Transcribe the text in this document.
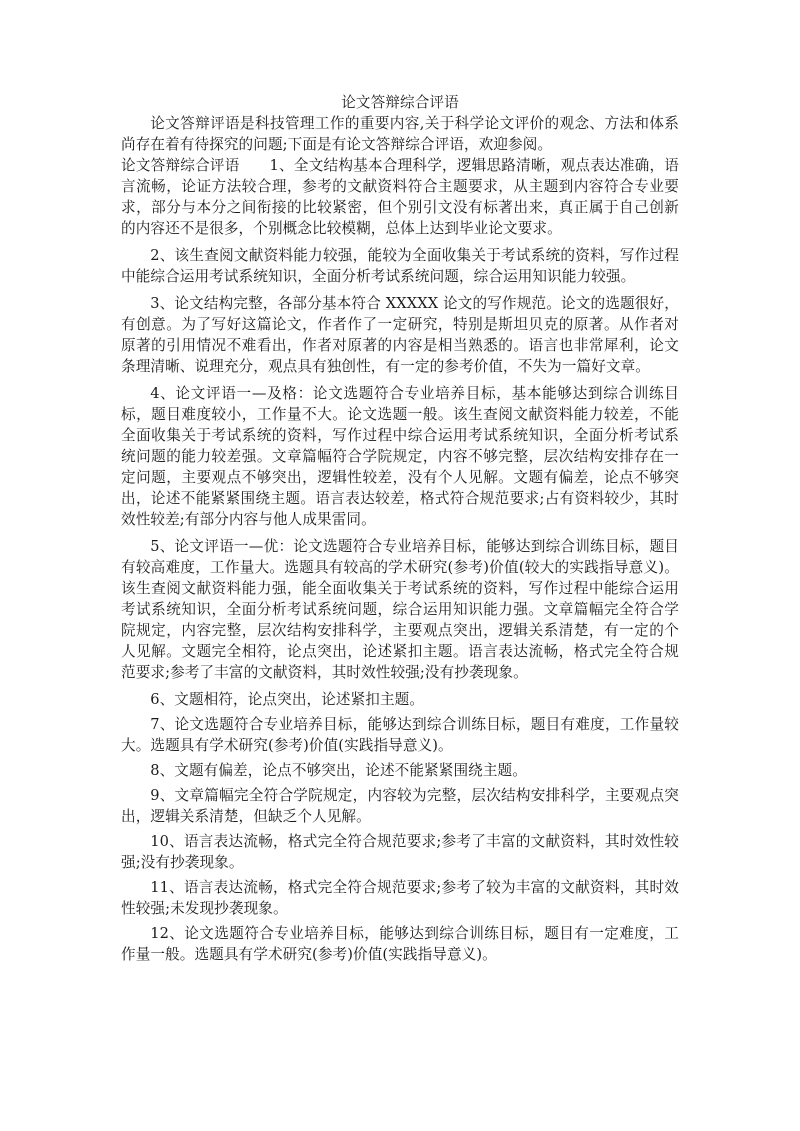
论文答辩综合评语
论文答辩评语是科技管理工作的重要内容,关于科学论文评价的观念、方法和体系尚存在着有待探究的问题;下面是有论文答辩综合评语，欢迎参阅。
论文答辩综合评语 1、全文结构基本合理科学，逻辑思路清晰，观点表达准确，语言流畅，论证方法较合理，参考的文献资料符合主题要求，从主题到内容符合专业要求，部分与本分之间衔接的比较紧密，但个别引文没有标著出来，真正属于自己创新的内容还不是很多，个别概念比较模糊，总体上达到毕业论文要求。
2、该生查阅文献资料能力较强，能较为全面收集关于考试系统的资料，写作过程中能综合运用考试系统知识，全面分析考试系统问题，综合运用知识能力较强。
3、论文结构完整，各部分基本符合 XXXXX 论文的写作规范。论文的选题很好，有创意。为了写好这篇论文，作者作了一定研究，特别是斯坦贝克的原著。从作者对原著的引用情况不难看出，作者对原著的内容是相当熟悉的。语言也非常犀利，论文条理清晰、说理充分，观点具有独创性，有一定的参考价值，不失为一篇好文章。
4、论文评语一—及格：论文选题符合专业培养目标，基本能够达到综合训练目标，题目难度较小，工作量不大。论文选题一般。该生查阅文献资料能力较差，不能全面收集关于考试系统的资料，写作过程中综合运用考试系统知识，全面分析考试系统问题的能力较差强。文章篇幅符合学院规定，内容不够完整，层次结构安排存在一定问题，主要观点不够突出，逻辑性较差，没有个人见解。文题有偏差，论点不够突出，论述不能紧紧围绕主题。语言表达较差，格式符合规范要求;占有资料较少，其时效性较差;有部分内容与他人成果雷同。
5、论文评语一—优：论文选题符合专业培养目标，能够达到综合训练目标，题目有较高难度，工作量大。选题具有较高的学术研究(参考)价值(较大的实践指导意义)。该生查阅文献资料能力强，能全面收集关于考试系统的资料，写作过程中能综合运用考试系统知识，全面分析考试系统问题，综合运用知识能力强。文章篇幅完全符合学院规定，内容完整，层次结构安排科学，主要观点突出，逻辑关系清楚，有一定的个人见解。文题完全相符，论点突出，论述紧扣主题。语言表达流畅，格式完全符合规范要求;参考了丰富的文献资料，其时效性较强;没有抄袭现象。
6、文题相符，论点突出，论述紧扣主题。
7、论文选题符合专业培养目标，能够达到综合训练目标，题目有难度，工作量较大。选题具有学术研究(参考)价值(实践指导意义)。
8、文题有偏差，论点不够突出，论述不能紧紧围绕主题。
9、文章篇幅完全符合学院规定，内容较为完整，层次结构安排科学，主要观点突出，逻辑关系清楚，但缺乏个人见解。
10、语言表达流畅，格式完全符合规范要求;参考了丰富的文献资料，其时效性较强;没有抄袭现象。
11、语言表达流畅，格式完全符合规范要求;参考了较为丰富的文献资料，其时效性较强;未发现抄袭现象。
12、论文选题符合专业培养目标，能够达到综合训练目标，题目有一定难度，工作量一般。选题具有学术研究(参考)价值(实践指导意义)。
